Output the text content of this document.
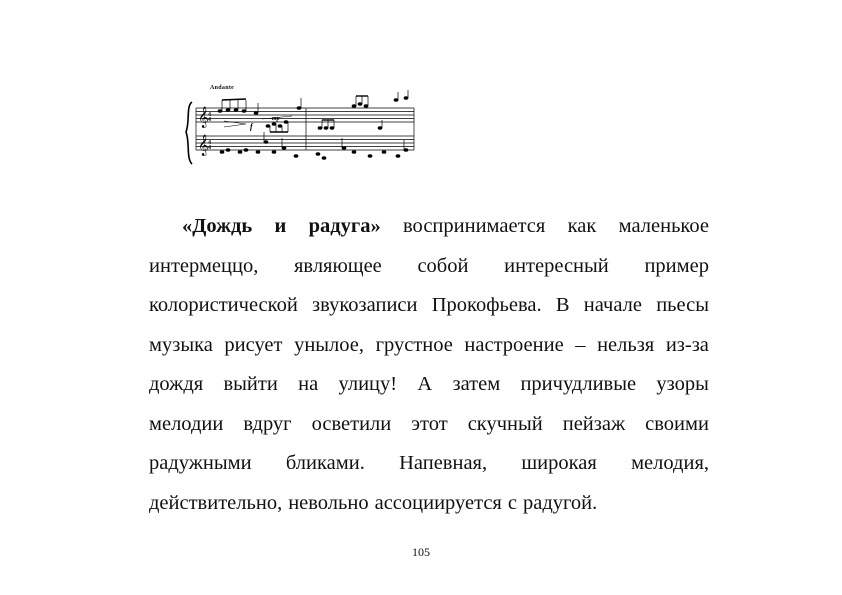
𝄞
𝄞
4
4
4
4
f
mp
Andante
«Дождь и радуга» воспринимается как маленькое
интермеццо, являющее собой интересный пример
колористической звукозаписи Прокофьева. В начале пьесы
музыка рисует унылое, грустное настроение – нельзя из-за
дождя выйти на улицу! А затем причудливые узоры
мелодии вдруг осветили этот скучный пейзаж своими
радужными бликами. Напевная, широкая мелодия,
действительно, невольно ассоциируется с радугой.
105
